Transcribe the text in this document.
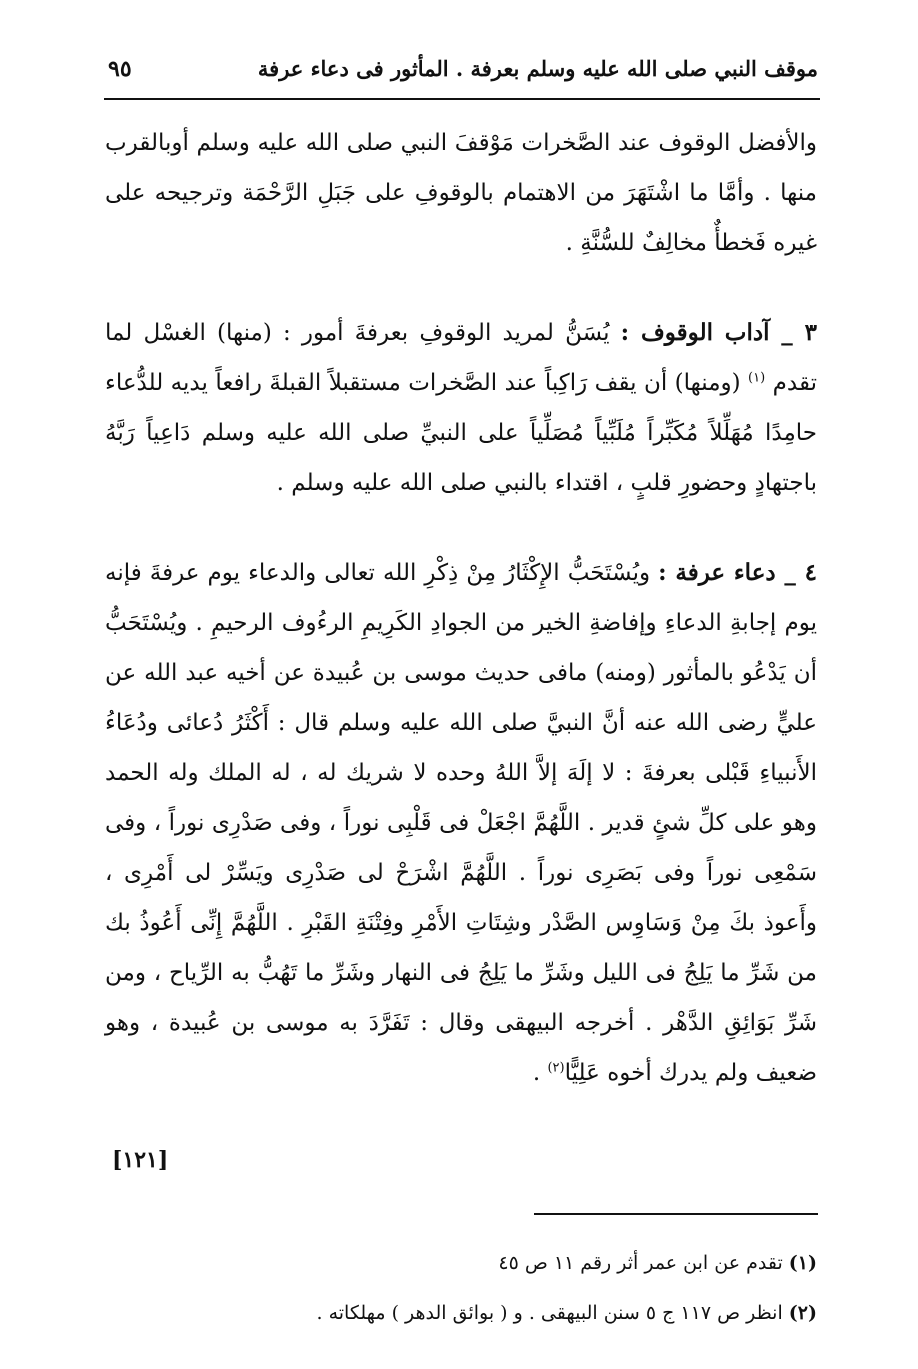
موقف النبي صلى الله عليه وسلم بعرفة . المأثور فى دعاء عرفة
٩٥

والأفضل الوقوف عند الصَّخرات مَوْقفَ النبي صلى الله عليه وسلم أوبالقرب منها . وأمَّا ما اشْتَهَرَ من الاهتمام بالوقوفِ على جَبَلِ الرَّحْمَة وترجيحه على غيره فَخطأٌ مخالِفٌ للسُّنَّةِ .

٣ _ آداب الوقوف : يُسَنُّ لمريد الوقوفِ بعرفةَ أمور : (منها) الغسْل لما تقدم $^{(١)}$ (ومنها) أن يقف رَاكِباً عند الصَّخرات مستقبلاً القبلةَ رافعاً يديه للدُّعاء حامِدًا مُهَلِّلاً مُكَبِّراً مُلَبِّياً مُصَلِّياً على النبيِّ صلى الله عليه وسلم دَاعِياً رَبَّهُ باجتهادٍ وحضورِ قلبٍ ، اقتداء بالنبي صلى الله عليه وسلم .

٤ _ دعاء عرفة : ويُسْتَحَبُّ الإِكْثَارُ مِنْ ذِكْرِ الله تعالى والدعاء يوم عرفةَ فإنه يوم إجابةِ الدعاءِ وإفاضةِ الخير من الجوادِ الكَرِيمِ الرءُوف الرحيمِ . ويُسْتَحَبُّ أن يَدْعُو بالمأثور (ومنه) مافى حديث موسى بن عُبيدة عن أخيه عبد الله عن عليٍّ رضى الله عنه أنَّ النبيَّ صلى الله عليه وسلم قال : أَكْثَرُ دُعائى ودُعَاءُ الأَنبياءِ قَبْلى بعرفةَ : لا إلَهَ إلاَّ اللهُ وحده لا شريك له ، له الملك وله الحمد وهو على كلِّ شئٍ قدير . اللَّهُمَّ اجْعَلْ فى قَلْبِى نوراً ، وفى صَدْرِى نوراً ، وفى سَمْعِى نوراً وفى بَصَرِى نوراً . اللَّهُمَّ اشْرَحْ لى صَدْرِى ويَسِّرْ لى أَمْرِى ، وأَعوذ بكَ مِنْ وَسَاوِس الصَّدْر وشِتَاتِ الأَمْرِ وفِتْنَةِ القَبْرِ . اللَّهُمَّ إِنِّى أَعُوذُ بك من شَرِّ ما يَلِجُ فى الليل وشَرِّ ما يَلِجُ فى النهار وشَرِّ ما تَهُبُّ به الرِّياح ، ومن شَرِّ بَوَائِقِ الدَّهْر . أخرجه البيهقى وقال : تَفَرَّدَ به موسى بن عُبيدة ، وهو ضعيف ولم يدرك أخوه عَلِيًّا$^{(٢)}$ .

[١٢١]

(١) تقدم عن ابن عمر أثر رقم ١١ ص ٤٥

(٢) انظر ص ١١٧ ج ٥ سنن البيهقى . و ( بوائق الدهر ) مهلكاته .
